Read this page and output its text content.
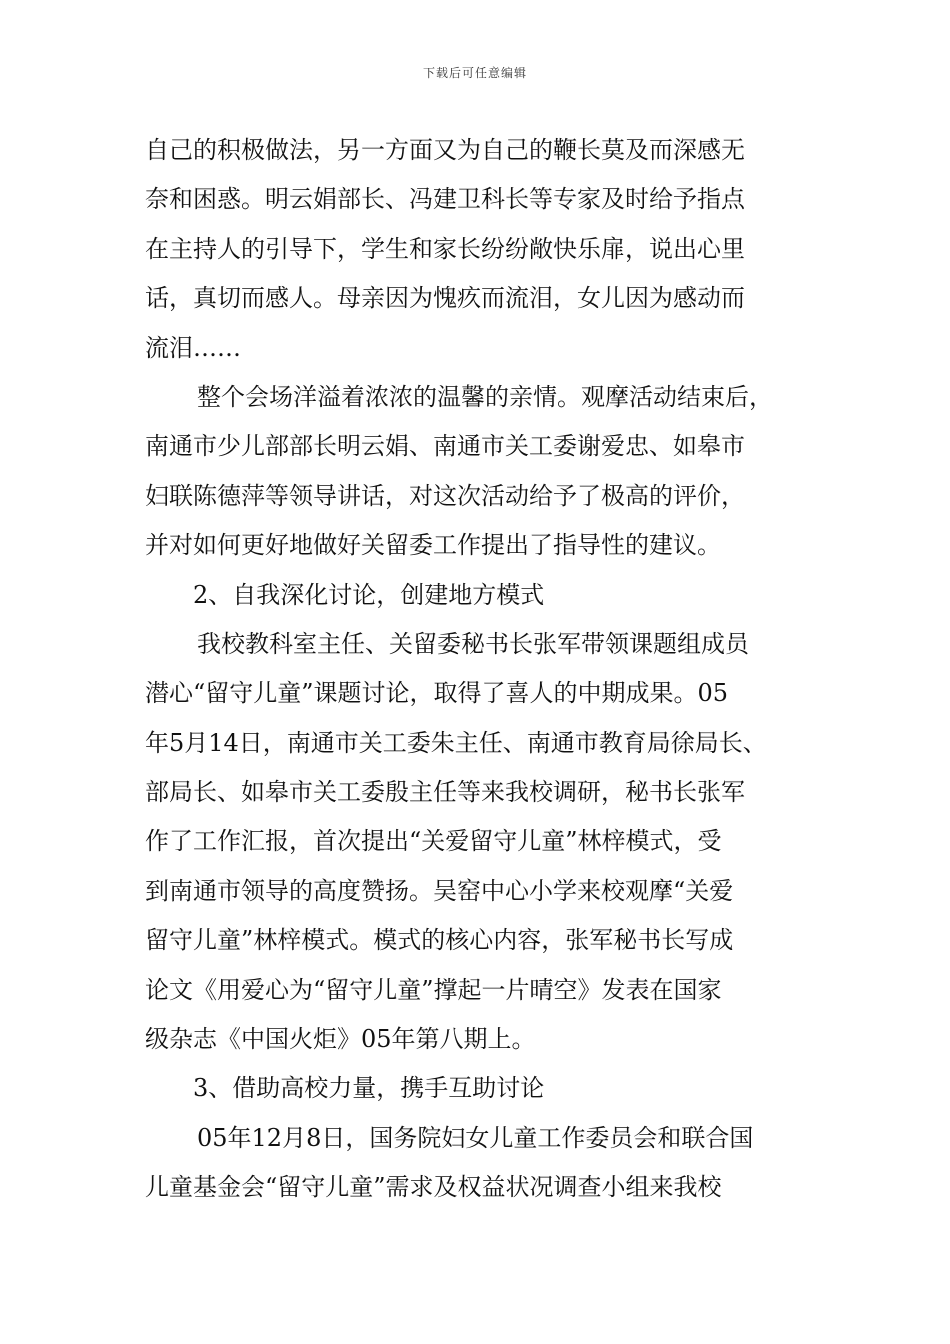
下载后可任意编辑
自己的积极做法，另一方面又为自己的鞭长莫及而深感无
奈和困惑。明云娟部长、冯建卫科长等专家及时给予指点
在主持人的引导下，学生和家长纷纷敞快乐扉，说出心里
话，真切而感人。母亲因为愧疚而流泪，女儿因为感动而
流泪……
整个会场洋溢着浓浓的温馨的亲情。观摩活动结束后，
南通市少儿部部长明云娟、南通市关工委谢爱忠、如皋市
妇联陈德萍等领导讲话，对这次活动给予了极高的评价，
并对如何更好地做好关留委工作提出了指导性的建议。
2、自我深化讨论，创建地方模式
我校教科室主任、关留委秘书长张军带领课题组成员
潜心“留守儿童”课题讨论，取得了喜人的中期成果。05
年5月14日，南通市关工委朱主任、南通市教育局徐局长、
部局长、如皋市关工委殷主任等来我校调研，秘书长张军
作了工作汇报，首次提出“关爱留守儿童”林梓模式，受
到南通市领导的高度赞扬。吴窑中心小学来校观摩“关爱
留守儿童”林梓模式。模式的核心内容，张军秘书长写成
论文《用爱心为“留守儿童”撑起一片晴空》发表在国家
级杂志《中国火炬》05年第八期上。
3、借助高校力量，携手互助讨论
05年12月8日，国务院妇女儿童工作委员会和联合国
儿童基金会“留守儿童”需求及权益状况调查小组来我校
